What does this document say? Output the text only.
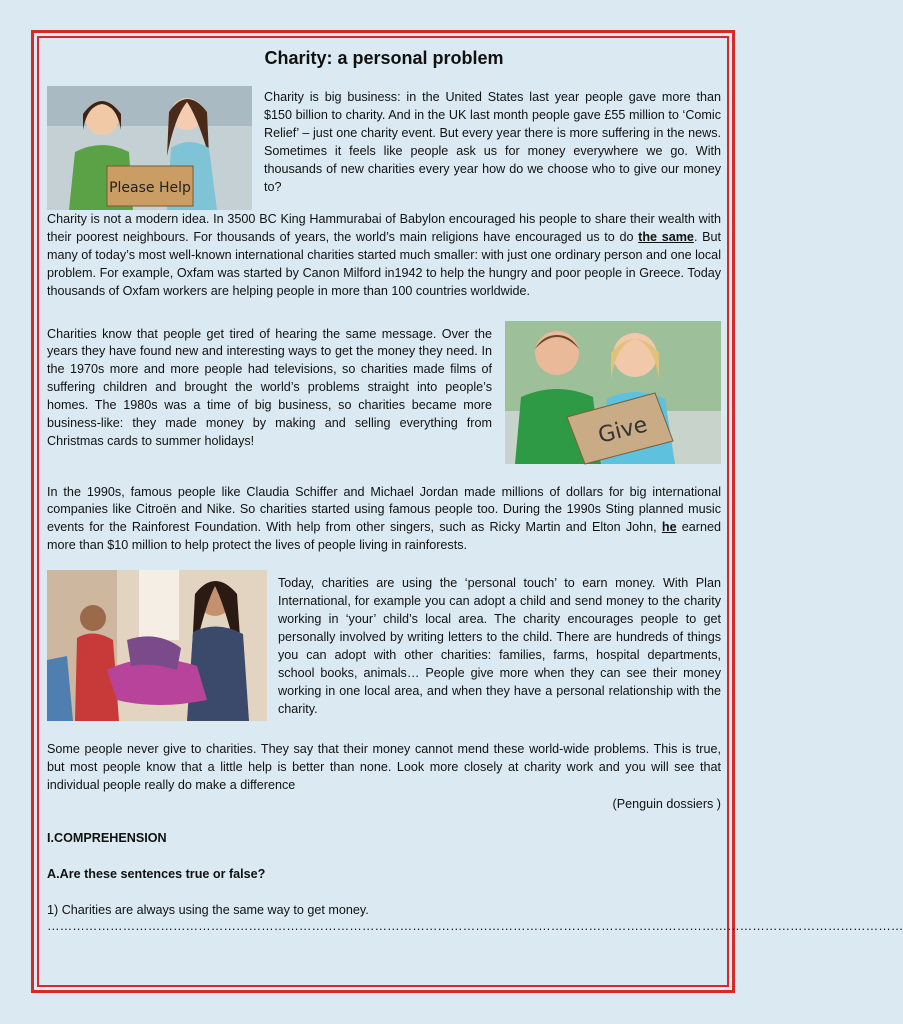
Charity: a personal problem
Please Help

Charity is big business: in the United States last year people gave more than $150 billion to charity. And in the UK last month people gave £55 million to ‘Comic Relief’ – just one charity event. But every year there is more suffering in the news. Sometimes it feels like people ask us for money everywhere we go. With thousands of new charities every year how do we choose who to give our money to?

Charity is not a modern idea. In 3500 BC King Hammurabai of Babylon encouraged his people to share their wealth with their poorest neighbours. For thousands of years, the world’s main religions have encouraged us to do the same. But many of today’s most well-known international charities started much smaller: with just one ordinary person and one local problem. For example, Oxfam was started by Canon Milford in1942 to help the hungry and poor people in Greece. Today thousands of Oxfam workers are helping people in more than 100 countries worldwide.

Charities know that people get tired of hearing the same message. Over the years they have found new and interesting ways to get the money they need. In the 1970s more and more people had televisions, so charities made films of suffering children and brought the world’s problems straight into people’s homes. The 1980s was a time of big business, so charities became more business-like: they made money by making and selling everything from Christmas cards to summer holidays!	Give

In the 1990s, famous people like Claudia Schiffer and Michael Jordan made millions of dollars for big international companies like Citroën and Nike. So charities started using famous people too. During the 1990s Sting planned music events for the Rainforest Foundation. With help from other singers, such as Ricky Martin and Elton John, he earned more than $10 million to help protect the lives of people living in rainforests.

Today, charities are using the ‘personal touch’ to earn money. With Plan International, for example you can adopt a child and send money to the charity working in ‘your’ child’s local area. The charity encourages people to get personally involved by writing letters to the child. There are hundreds of things you can adopt with other charities: families, farms, hospital departments, school books, animals… People give more when they can see their money working in one local area, and when they have a personal relationship with the charity.

Some people never give to charities. They say that their money cannot mend these world-wide problems. This is true, but most people know that a little help is better than none. Look more closely at charity work and you will see that individual people really do make a difference

(Penguin dossiers )

I.COMPREHENSION

A.Are these sentences true or false?

1) Charities are always using the same way to get money.

……………………………………………………………………………………………………………………………………………………………………………………
